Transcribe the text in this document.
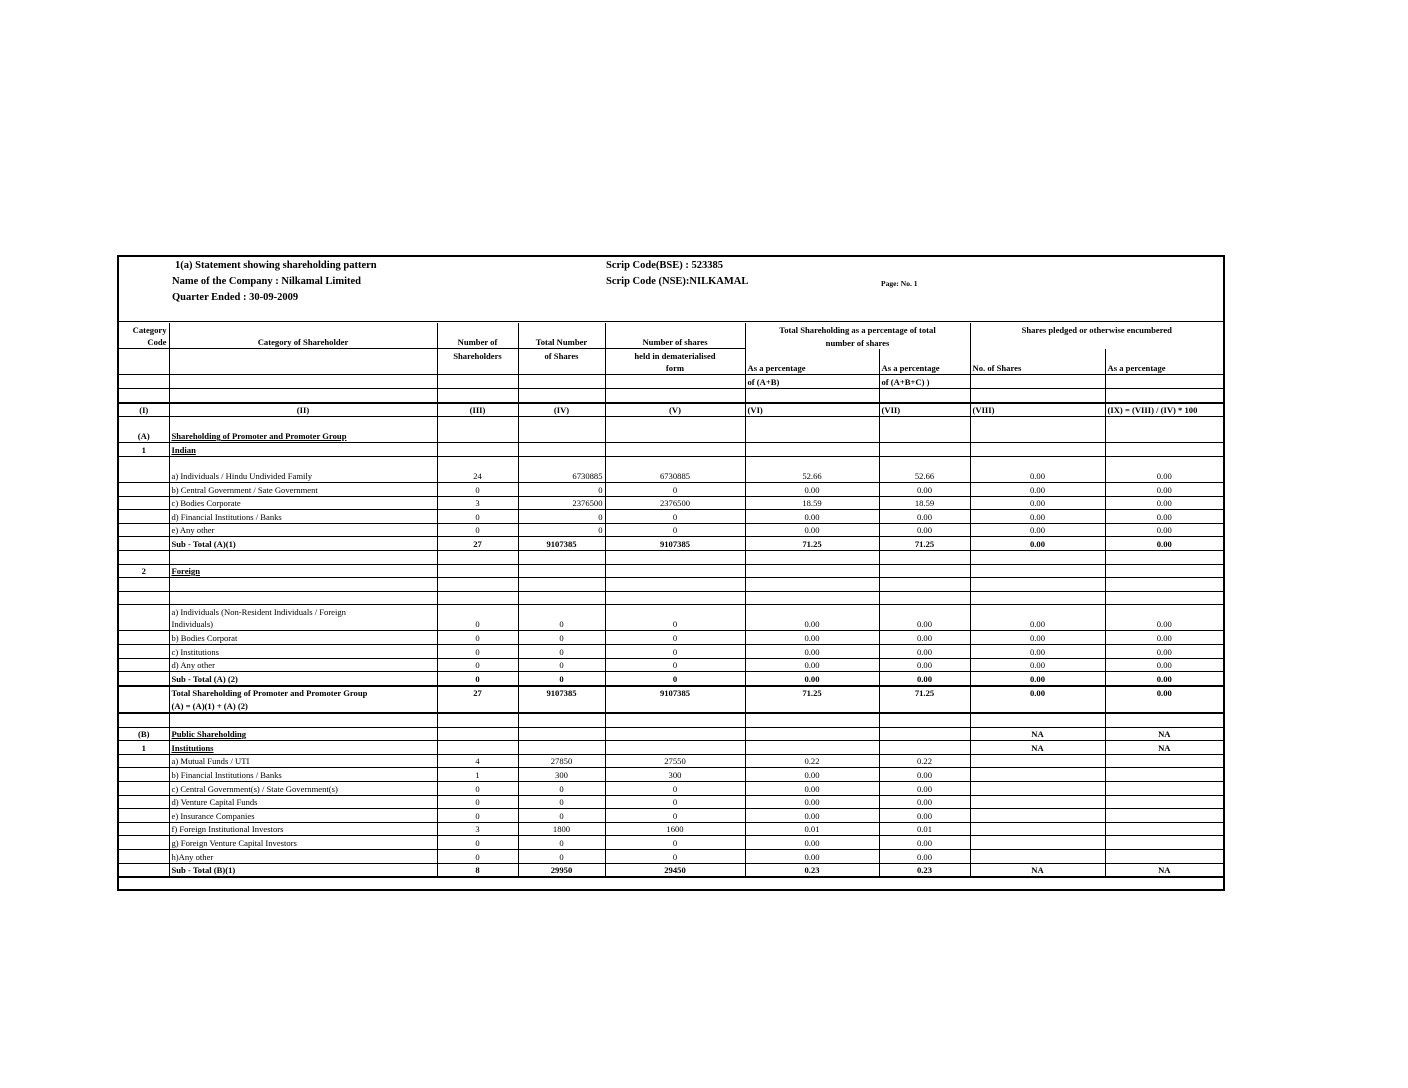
1(a) Statement showing shareholding pattern
Name of the Company : Nilkamal Limited
Quarter Ended : 30-09-2009
Scrip Code(BSE) : 523385
Scrip Code (NSE):NILKAMAL	Page: No. 1
Category					Total Shareholding as a percentage of total		Shares pledged or otherwise encumbered	
Code	Category of Shareholder	Number of	Total Number	Number of shares	number of shares			
		Shareholders	of Shares	held in dematerialised				
				form	As a percentage	As a percentage	No. of Shares	As a percentage
					of (A+B)	of (A+B+C) )		

(I)	(II)	(III)	(IV)	(V)	(VI)	(VII)	(VIII)	(IX) = (VIII) / (IV) * 100
(A)	Shareholding of Promoter and Promoter Group							
1	Indian							

	a) Individuals / Hindu Undivided Family	24	6730885	6730885	52.66	52.66	0.00	0.00
	b) Central Government / Sate Government	0	0	0	0.00	0.00	0.00	0.00
	c) Bodies Corporate	3	2376500	2376500	18.59	18.59	0.00	0.00
	d) Financial Institutions / Banks	0	0	0	0.00	0.00	0.00	0.00
	e) Any other	0	0	0	0.00	0.00	0.00	0.00
	Sub - Total (A)(1)	27	9107385	9107385	71.25	71.25	0.00	0.00

2	Foreign							

	a) Individuals (Non-Resident Individuals / Foreign							
	Individuals)	0	0	0	0.00	0.00	0.00	0.00
	b) Bodies Corporat	0	0	0	0.00	0.00	0.00	0.00
	c) Institutions	0	0	0	0.00	0.00	0.00	0.00
	d) Any other	0	0	0	0.00	0.00	0.00	0.00
	Sub - Total (A) (2)	0	0	0	0.00	0.00	0.00	0.00
	Total Shareholding of Promoter and Promoter Group	27	9107385	9107385	71.25	71.25	0.00	0.00
	(A) = (A)(1) + (A) (2)							

(B)	Public Shareholding						NA	NA
1	Institutions						NA	NA
	a) Mutual Funds / UTI	4	27850	27550	0.22	0.22		
	b) Financial Institutions / Banks	1	300	300	0.00	0.00		
	c) Central Government(s) / State Government(s)	0	0	0	0.00	0.00		
	d) Venture Capital Funds	0	0	0	0.00	0.00		
	e) Insurance Companies	0	0	0	0.00	0.00		
	f) Foreign Institutional Investors	3	1800	1600	0.01	0.01		
	g) Foreign Venture Capital Investors	0	0	0	0.00	0.00		
	h)Any other	0	0	0	0.00	0.00		
	Sub - Total (B)(1)	8	29950	29450	0.23	0.23	NA	NA
